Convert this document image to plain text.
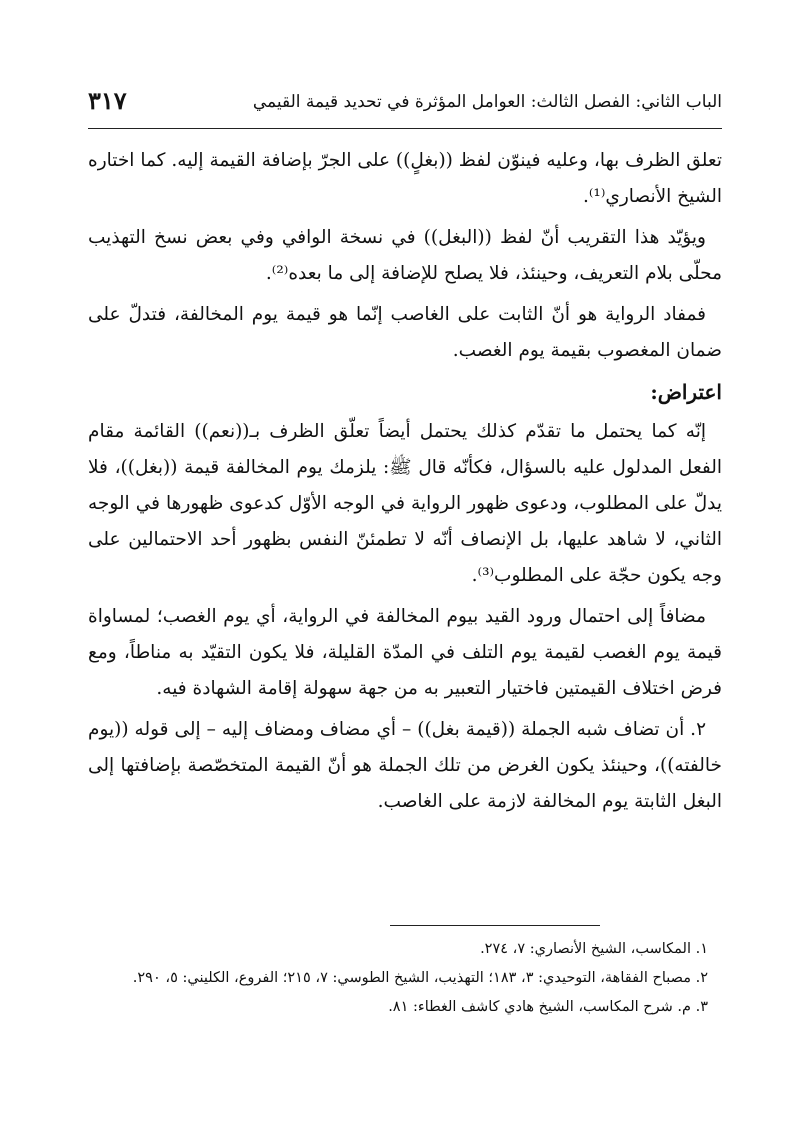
الباب الثاني: الفصل الثالث: العوامل المؤثرة في تحديد قيمة القيمي
٣١٧

تعلق الظرف بها، وعليه فينوّن لفظ ((بغلٍ)) على الجرّ بإضافة القيمة إليه. كما اختاره الشيخ الأنصاري⁽¹⁾.

ويؤيّد هذا التقريب أنّ لفظ ((البغل)) في نسخة الوافي وفي بعض نسخ التهذيب محلّى بلام التعريف، وحينئذ، فلا يصلح للإضافة إلى ما بعده⁽²⁾.

فمفاد الرواية هو أنّ الثابت على الغاصب إنّما هو قيمة يوم المخالفة، فتدلّ على ضمان المغصوب بقيمة يوم الغصب.

اعتراض:

إنّه كما يحتمل ما تقدّم كذلك يحتمل أيضاً تعلّق الظرف بـ((نعم)) القائمة مقام الفعل المدلول عليه بالسؤال، فكأنّه قال ﷺ: يلزمك يوم المخالفة قيمة ((بغل))، فلا يدلّ على المطلوب، ودعوى ظهور الرواية في الوجه الأوّل كدعوى ظهورها في الوجه الثاني، لا شاهد عليها، بل الإنصاف أنّه لا تطمئنّ النفس بظهور أحد الاحتمالين على وجه يكون حجّة على المطلوب⁽³⁾.

مضافاً إلى احتمال ورود القيد بيوم المخالفة في الرواية، أي يوم الغصب؛ لمساواة قيمة يوم الغصب لقيمة يوم التلف في المدّة القليلة، فلا يكون التقيّد به مناطاً، ومع فرض اختلاف القيمتين فاختيار التعبير به من جهة سهولة إقامة الشهادة فيه.

٢. أن تضاف شبه الجملة ((قيمة بغل)) – أي مضاف ومضاف إليه – إلى قوله ((يوم خالفته))، وحينئذ يكون الغرض من تلك الجملة هو أنّ القيمة المتخصّصة بإضافتها إلى البغل الثابتة يوم المخالفة لازمة على الغاصب.

١. المكاسب، الشيخ الأنصاري: ٧، ٢٧٤.

٢. مصباح الفقاهة، التوحيدي: ٣، ١٨٣؛ التهذيب، الشيخ الطوسي: ٧، ٢١٥؛ الفروع، الكليني: ٥، ٢٩٠.

٣. م. شرح المكاسب، الشيخ هادي كاشف الغطاء: ٨١.
